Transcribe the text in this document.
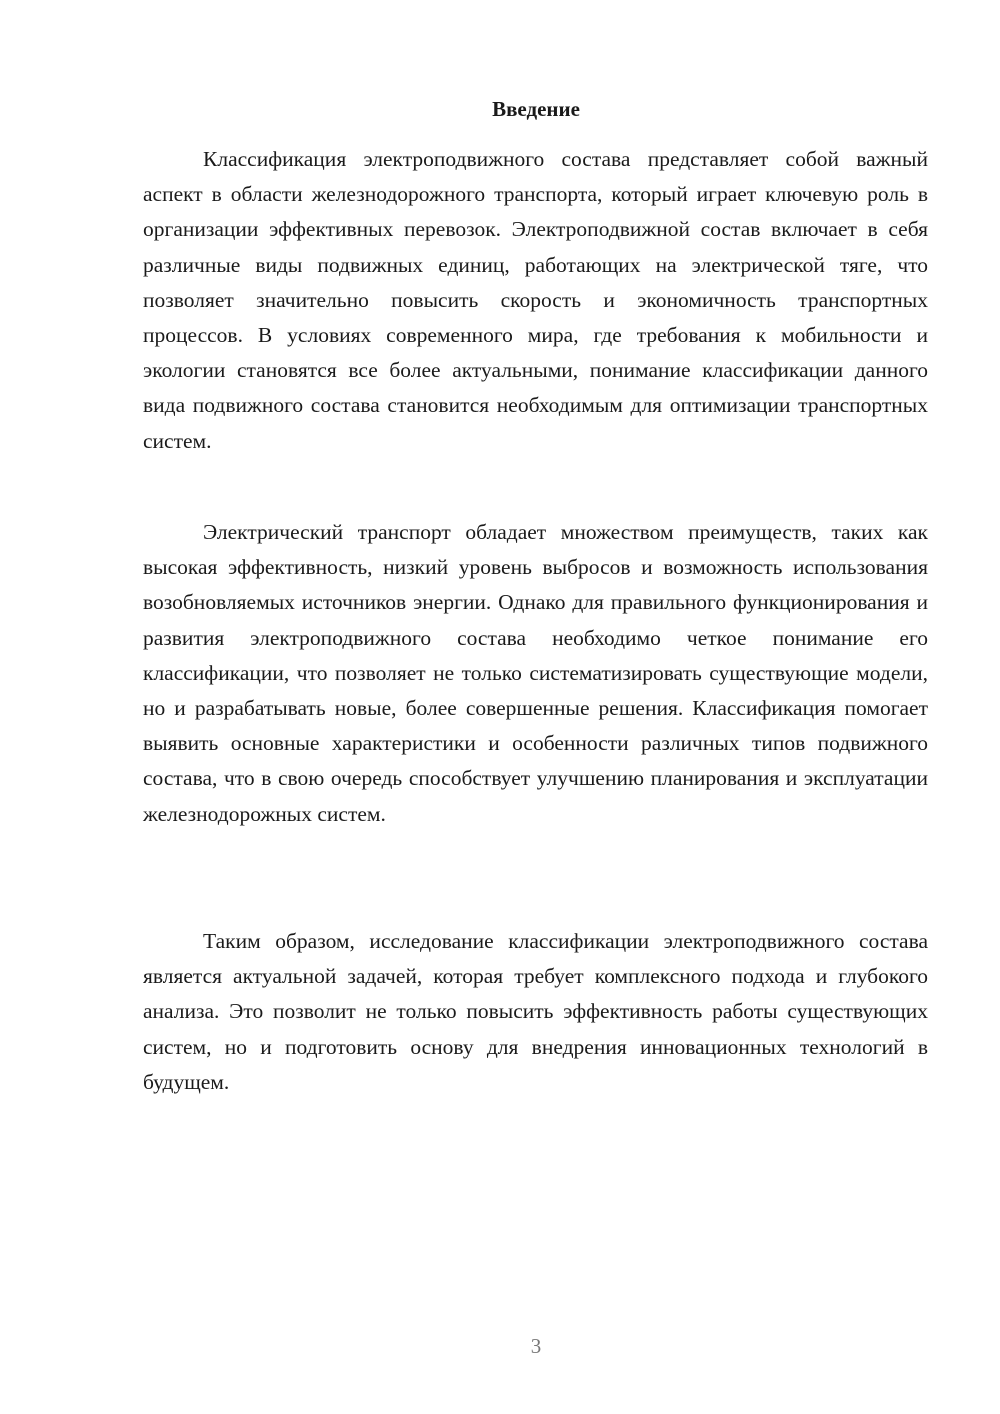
Введение

Классификация электроподвижного состава представляет собой важный аспект в области железнодорожного транспорта, который играет ключевую роль в организации эффективных перевозок. Электроподвижной состав включает в себя различные виды подвижных единиц, работающих на электрической тяге, что позволяет значительно повысить скорость и экономичность транспортных процессов. В условиях современного мира, где требования к мобильности и экологии становятся все более актуальными, понимание классификации данного вида подвижного состава становится необходимым для оптимизации транспортных систем.

Электрический транспорт обладает множеством преимуществ, таких как высокая эффективность, низкий уровень выбросов и возможность использования возобновляемых источников энергии. Однако для правильного функционирования и развития электроподвижного состава необходимо четкое понимание его классификации, что позволяет не только систематизировать существующие модели, но и разрабатывать новые, более совершенные решения. Классификация помогает выявить основные характеристики и особенности различных типов подвижного состава, что в свою очередь способствует улучшению планирования и эксплуатации железнодорожных систем.

Таким образом, исследование классификации электроподвижного состава является актуальной задачей, которая требует комплексного подхода и глубокого анализа. Это позволит не только повысить эффективность работы существующих систем, но и подготовить основу для внедрения инновационных технологий в будущем.

3
